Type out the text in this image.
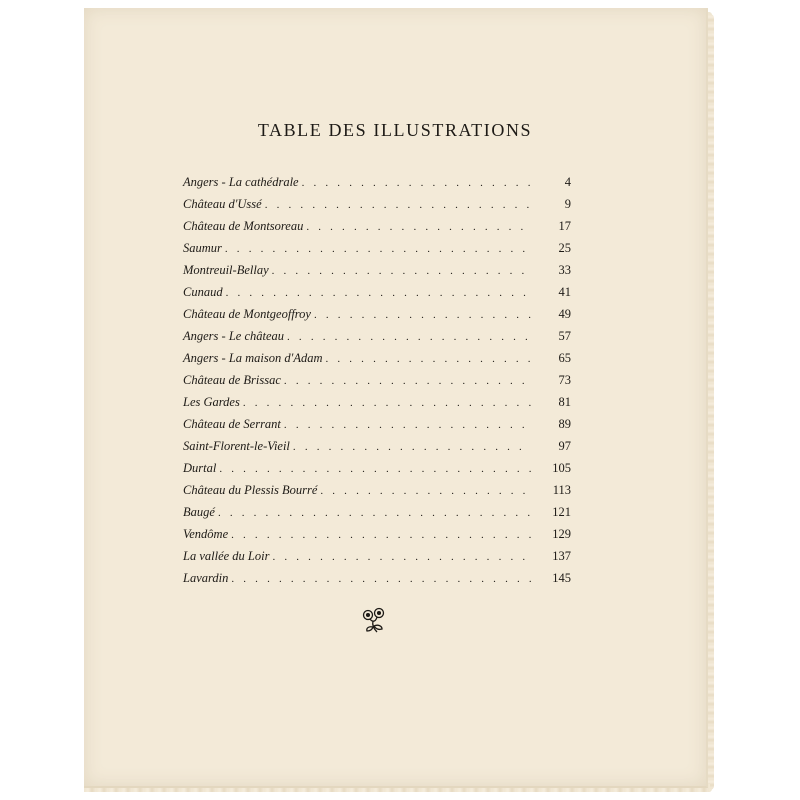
TABLE DES ILLUSTRATIONS
Angers - La cathédrale . . .	4
Château d'Ussé . . .	9
Château de Montsoreau . . .	17
Saumur . . .	25
Montreuil-Bellay . . .	33
Cunaud . . .	41
Château de Montgeoffroy . . .	49
Angers - Le château . . .	57
Angers - La maison d'Adam . . .	65
Château de Brissac . . .	73
Les Gardes . . .	81
Château de Serrant . . .	89
Saint-Florent-le-Vieil . . .	97
Durtal . . .	105
Château du Plessis Bourré . . .	113
Baugé . . .	121
Vendôme . . .	129
La vallée du Loir . . .	137
Lavardin . . .	145
